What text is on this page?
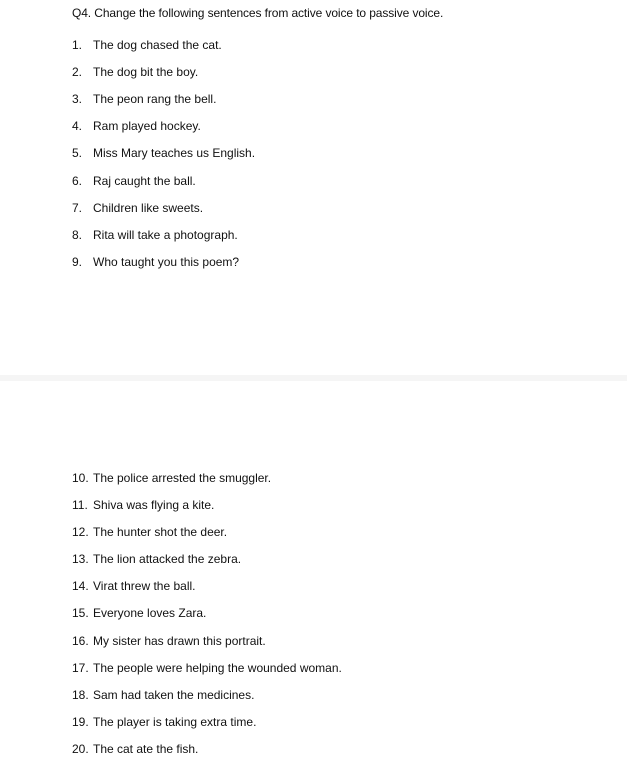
Q4. Change the following sentences from active voice to passive voice.
1. The dog chased the cat.
2. The dog bit the boy.
3. The peon rang the bell.
4. Ram played hockey.
5. Miss Mary teaches us English.
6. Raj caught the ball.
7. Children like sweets.
8. Rita will take a photograph.
9. Who taught you this poem?
10. The police arrested the smuggler.
11. Shiva was flying a kite.
12. The hunter shot the deer.
13. The lion attacked the zebra.
14. Virat threw the ball.
15. Everyone loves Zara.
16. My sister has drawn this portrait.
17. The people were helping the wounded woman.
18. Sam had taken the medicines.
19. The player is taking extra time.
20. The cat ate the fish.
